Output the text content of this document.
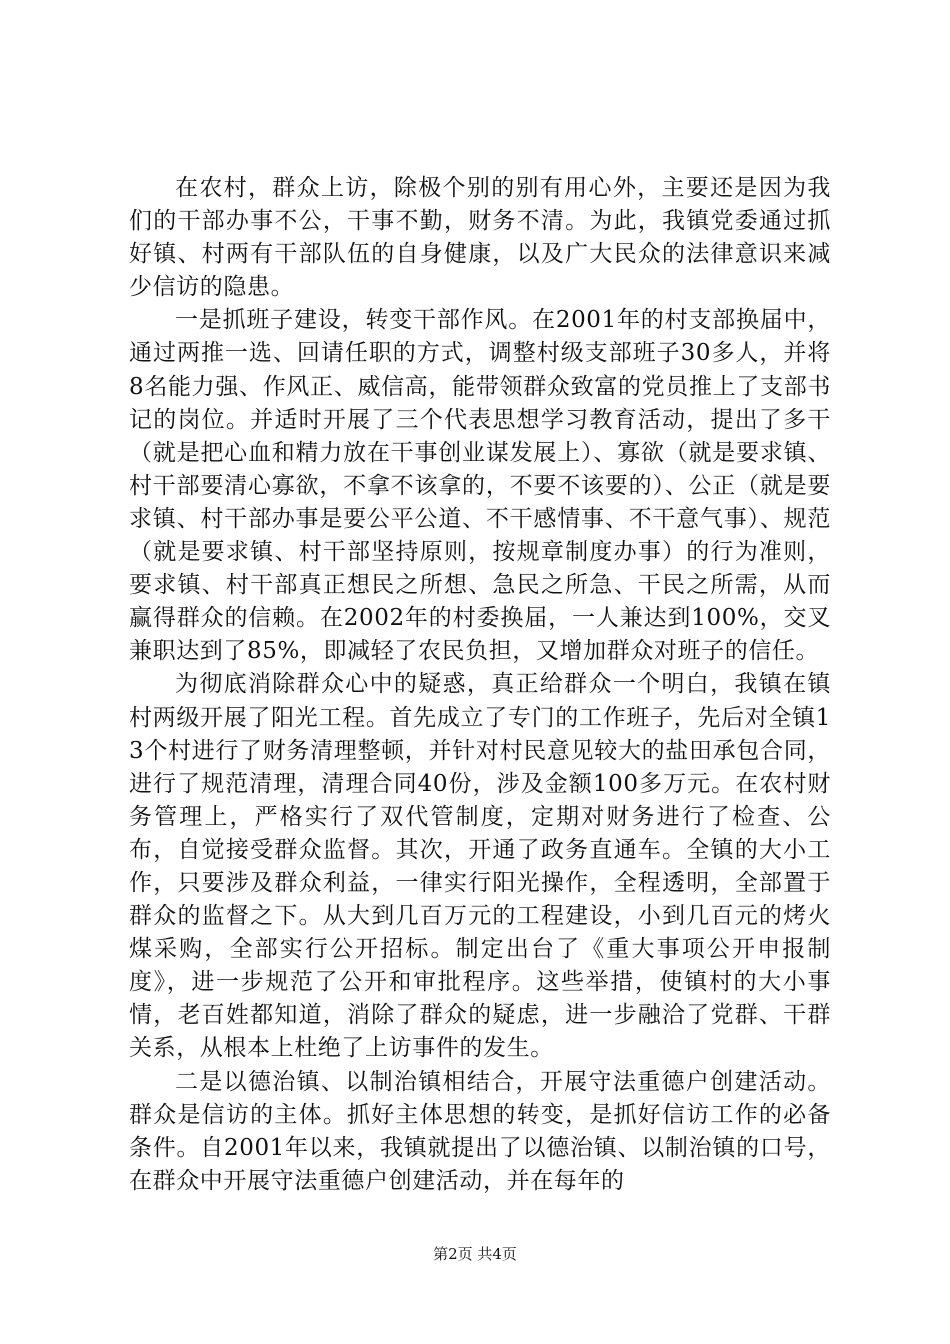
在农村，群众上访，除极个别的别有用心外，主要还是因为我们的干部办事不公，干事不勤，财务不清。为此，我镇党委通过抓好镇、村两有干部队伍的自身健康，以及广大民众的法律意识来减少信访的隐患。

一是抓班子建设，转变干部作风。在2001年的村支部换届中，通过两推一选、回请任职的方式，调整村级支部班子30多人，并将8名能力强、作风正、威信高，能带领群众致富的党员推上了支部书记的岗位。并适时开展了三个代表思想学习教育活动，提出了多干（就是把心血和精力放在干事创业谋发展上）、寡欲（就是要求镇、村干部要清心寡欲，不拿不该拿的，不要不该要的）、公正（就是要求镇、村干部办事是要公平公道、不干感情事、不干意气事）、规范（就是要求镇、村干部坚持原则，按规章制度办事）的行为准则，要求镇、村干部真正想民之所想、急民之所急、干民之所需，从而赢得群众的信赖。在2002年的村委换届，一人兼达到100%，交叉兼职达到了85%，即减轻了农民负担，又增加群众对班子的信任。

为彻底消除群众心中的疑惑，真正给群众一个明白，我镇在镇村两级开展了阳光工程。首先成立了专门的工作班子，先后对全镇13个村进行了财务清理整顿，并针对村民意见较大的盐田承包合同，进行了规范清理，清理合同40份，涉及金额100多万元。在农村财务管理上，严格实行了双代管制度，定期对财务进行了检查、公布，自觉接受群众监督。其次，开通了政务直通车。全镇的大小工作，只要涉及群众利益，一律实行阳光操作，全程透明，全部置于群众的监督之下。从大到几百万元的工程建设，小到几百元的烤火煤采购，全部实行公开招标。制定出台了《重大事项公开申报制度》，进一步规范了公开和审批程序。这些举措，使镇村的大小事情，老百姓都知道，消除了群众的疑虑，进一步融洽了党群、干群关系，从根本上杜绝了上访事件的发生。

二是以德治镇、以制治镇相结合，开展守法重德户创建活动。群众是信访的主体。抓好主体思想的转变，是抓好信访工作的必备条件。自2001年以来，我镇就提出了以德治镇、以制治镇的口号，在群众中开展守法重德户创建活动，并在每年的

第2页 共4页
